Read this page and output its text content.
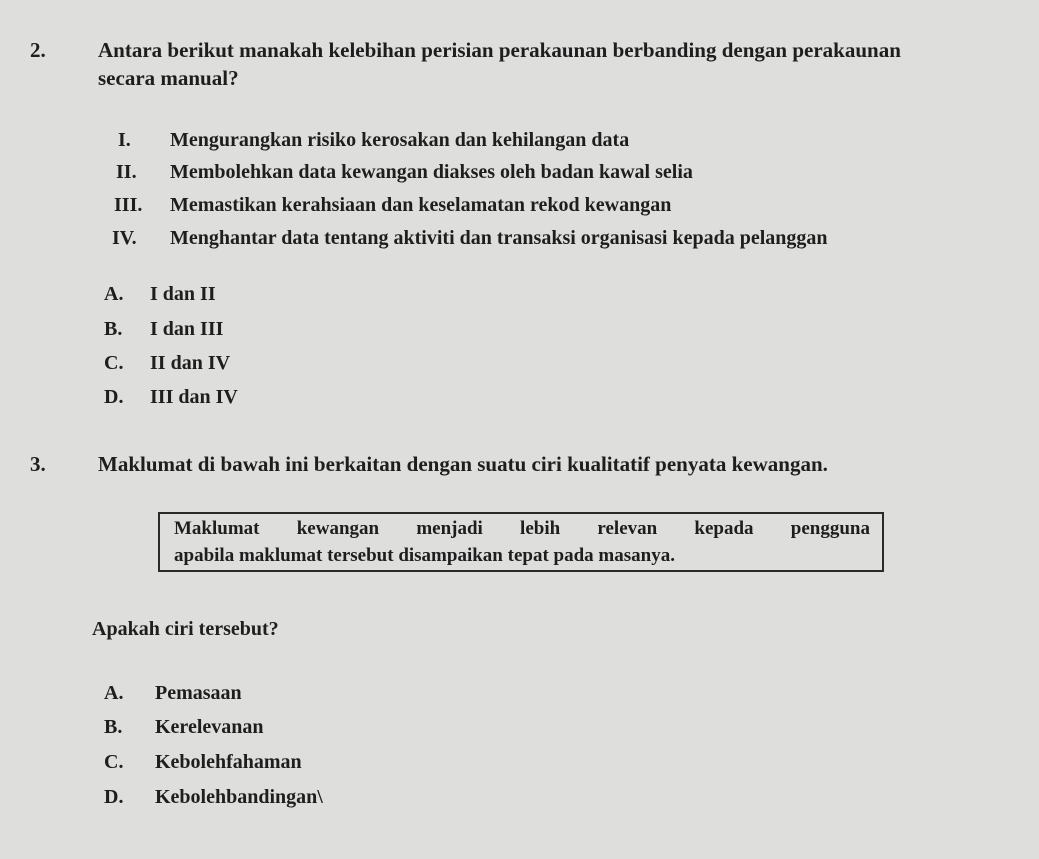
2. Antara berikut manakah kelebihan perisian perakaunan berbanding dengan perakaunan
secara manual?
I. Mengurangkan risiko kerosakan dan kehilangan data
II. Membolehkan data kewangan diakses oleh badan kawal selia
III. Memastikan kerahsiaan dan keselamatan rekod kewangan
IV. Menghantar data tentang aktiviti dan transaksi organisasi kepada pelanggan
A. I dan II
B. I dan III
C. II dan IV
D. III dan IV
3. Maklumat di bawah ini berkaitan dengan suatu ciri kualitatif penyata kewangan.
Maklumat kewangan menjadi lebih relevan kepada pengguna
apabila maklumat tersebut disampaikan tepat pada masanya.
Apakah ciri tersebut?
A. Pemasaan
B. Kerelevanan
C. Kebolehfahaman
D. Kebolehbandingan\
